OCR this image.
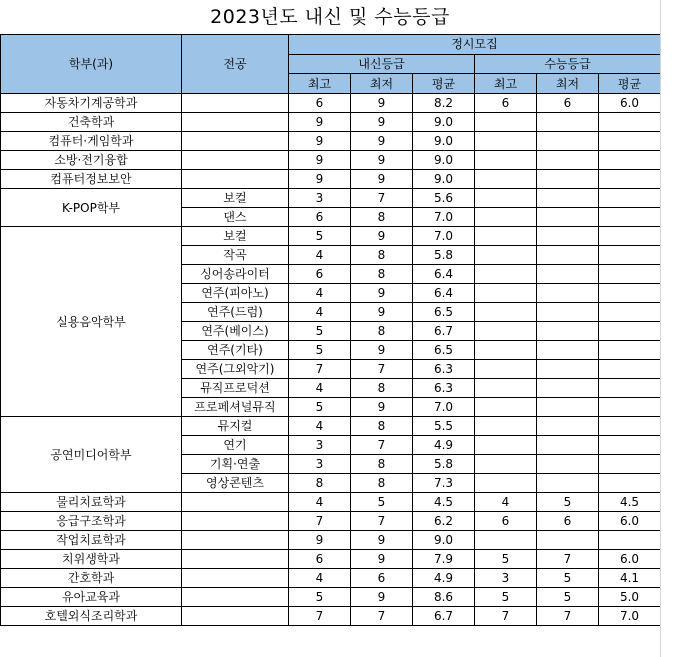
2023년도 내신 및 수능등급
학부(과)	전공	정시모집					
		내신등급			수능등급		
		최고	최저	평균	최고	최저	평균
자동차기계공학과		6	9	8.2	6	6	6.0
건축학과		9	9	9.0			
컴퓨터·게임학과		9	9	9.0			
소방·전기융합		9	9	9.0			
컴퓨터정보보안		9	9	9.0			
K-POP학부	보컬	3	7	5.6			
	댄스	6	8	7.0			
실용음악학부	보컬	5	9	7.0			
	작곡	4	8	5.8			
	싱어송라이터	6	8	6.4			
	연주(피아노)	4	9	6.4			
	연주(드럼)	4	9	6.5			
	연주(베이스)	5	8	6.7			
	연주(기타)	5	9	6.5			
	연주(그외악기)	7	7	6.3			
	뮤직프로덕션	4	8	6.3			
	프로페셔널뮤직	5	9	7.0			
공연미디어학부	뮤지컬	4	8	5.5			
	연기	3	7	4.9			
	기획·연출	3	8	5.8			
	영상콘텐츠	8	8	7.3			
물리치료학과		4	5	4.5	4	5	4.5
응급구조학과		7	7	6.2	6	6	6.0
작업치료학과		9	9	9.0			
치위생학과		6	9	7.9	5	7	6.0
간호학과		4	6	4.9	3	5	4.1
유아교육과		5	9	8.6	5	5	5.0
호텔외식조리학과		7	7	6.7	7	7	7.0
